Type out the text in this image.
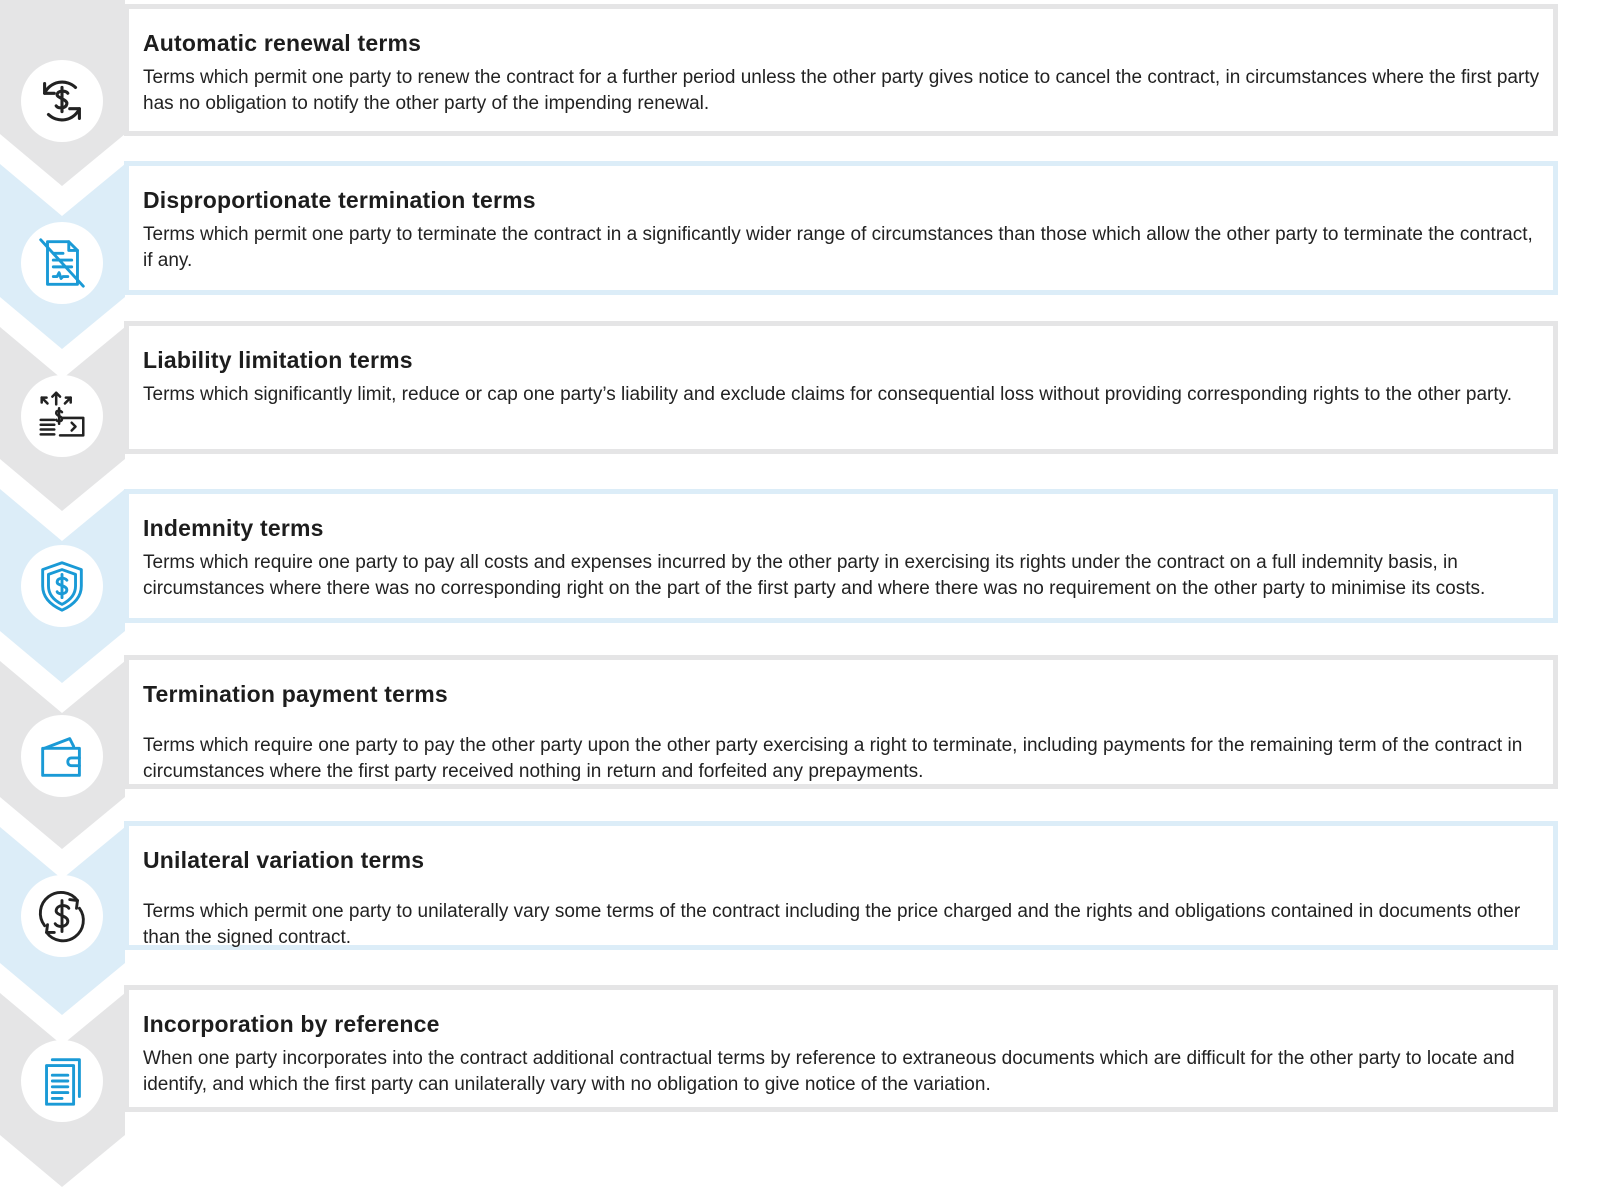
Automatic renewal terms

Terms which permit one party to renew the contract for a further period unless the other party gives notice to cancel the contract, in circumstances where the first party has no obligation to notify the other party of the impending renewal.

Disproportionate termination terms

Terms which permit one party to terminate the contract in a significantly wider range of circumstances than those which allow the other party to terminate the contract, if any.

Liability limitation terms

Terms which significantly limit, reduce or cap one party’s liability and exclude claims for consequential loss without providing corresponding rights to the other party.

Indemnity terms

Terms which require one party to pay all costs and expenses incurred by the other party in exercising its rights under the contract on a full indemnity basis, in circumstances where there was no corresponding right on the part of the first party and where there was no requirement on the other party to minimise its costs.

Termination payment terms

Terms which require one party to pay the other party upon the other party exercising a right to terminate, including payments for the remaining term of the contract in circumstances where the first party received nothing in return and forfeited any prepayments.

Unilateral variation terms

Terms which permit one party to unilaterally vary some terms of the contract including the price charged and the rights and obligations contained in documents other than the signed contract.

Incorporation by reference

When one party incorporates into the contract additional contractual terms by reference to extraneous documents which are difficult for the other party to locate and identify, and which the first party can unilaterally vary with no obligation to give notice of the variation.
